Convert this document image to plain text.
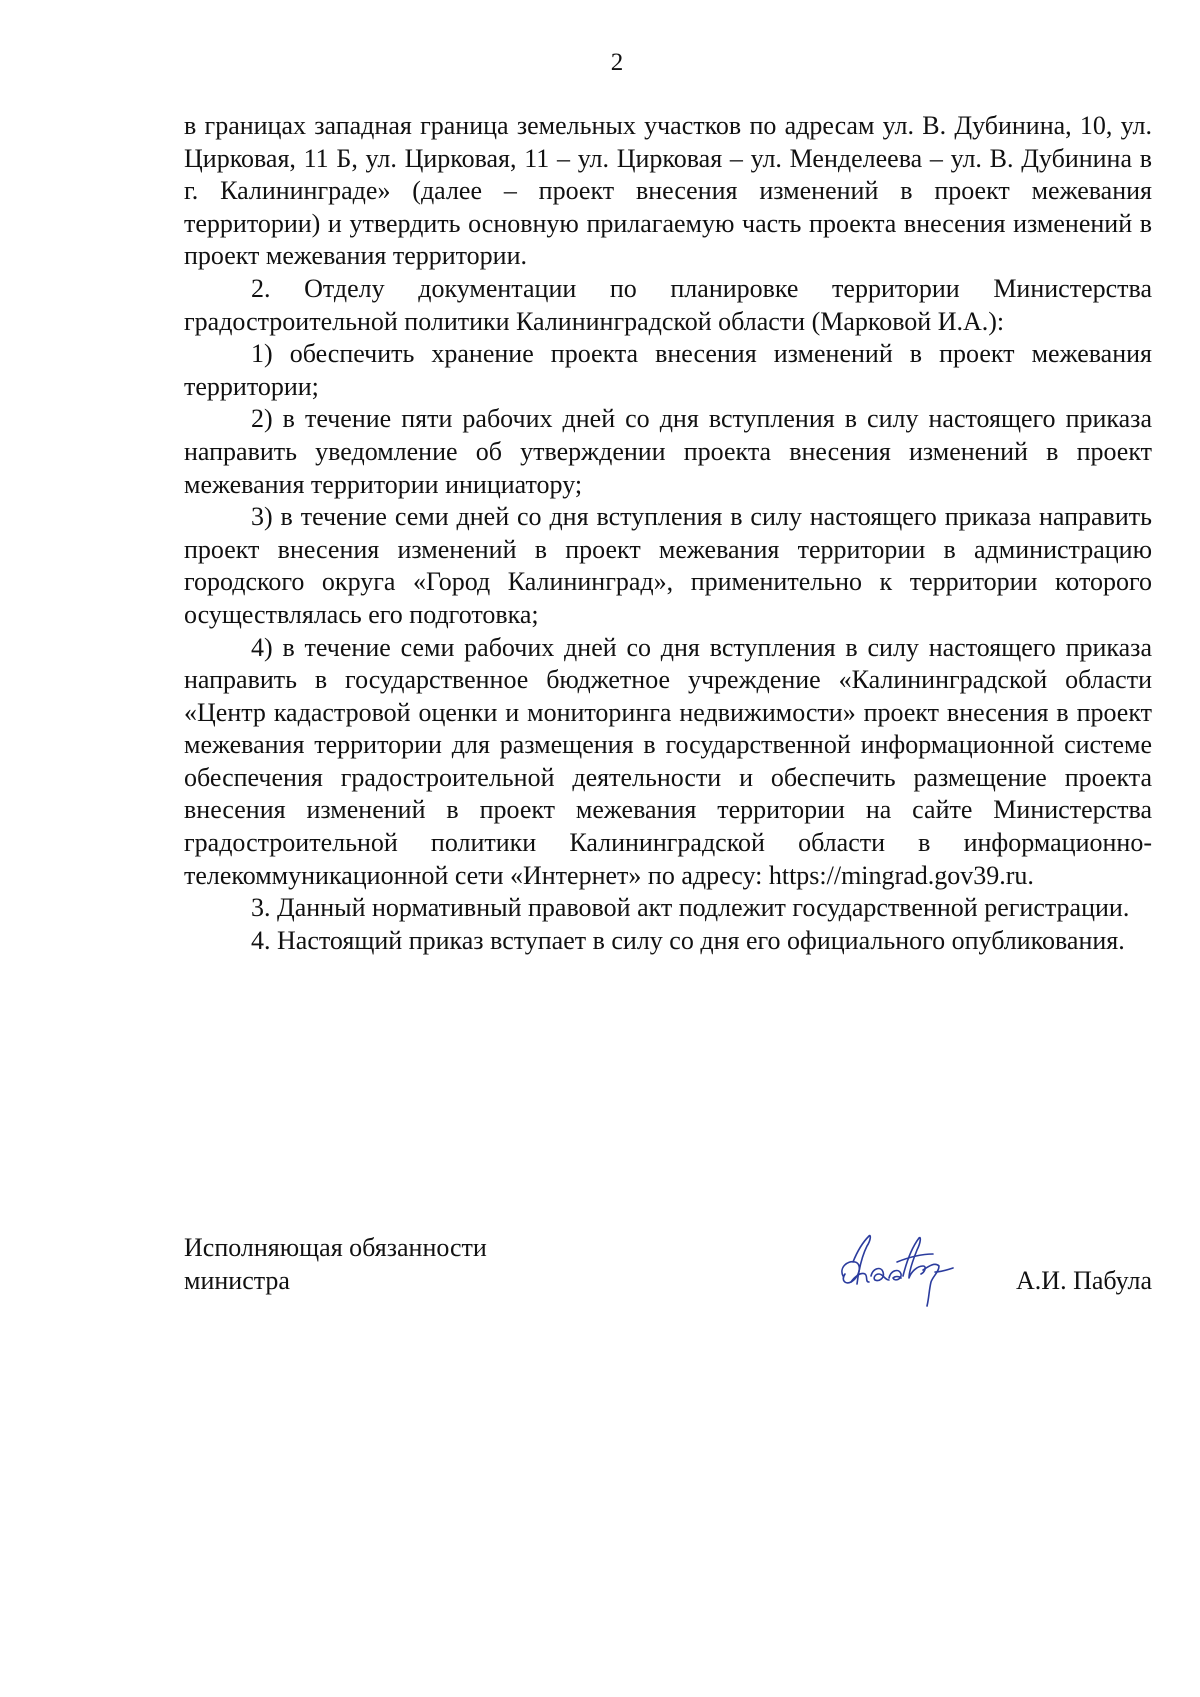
2

в границах западная граница земельных участков по адресам ул. В. Дубинина, 10, ул. Цирковая, 11 Б, ул. Цирковая, 11 – ул. Цирковая – ул. Менделеева – ул. В. Дубинина в г. Калининграде» (далее – проект внесения изменений в проект межевания территории) и утвердить основную прилагаемую часть проекта внесения изменений в проект межевания территории.

2. Отделу документации по планировке территории Министерства градостроительной политики Калининградской области (Марковой И.А.):

1) обеспечить хранение проекта внесения изменений в проект межевания территории;

2) в течение пяти рабочих дней со дня вступления в силу настоящего приказа направить уведомление об утверждении проекта внесения изменений в проект межевания территории инициатору;

3) в течение семи дней со дня вступления в силу настоящего приказа направить проект внесения изменений в проект межевания территории в администрацию городского округа «Город Калининград», применительно к территории которого осуществлялась его подготовка;

4) в течение семи рабочих дней со дня вступления в силу настоящего приказа направить в государственное бюджетное учреждение «Калининградской области «Центр кадастровой оценки и мониторинга недвижимости» проект внесения в проект межевания территории для размещения в государственной информационной системе обеспечения градостроительной деятельности и обеспечить размещение проекта внесения изменений в проект межевания территории на сайте Министерства градостроительной политики Калининградской области в информационно-телекоммуникационной сети «Интернет» по адресу: https://mingrad.gov39.ru.

3. Данный нормативный правовой акт подлежит государственной регистрации.

4. Настоящий приказ вступает в силу со дня его официального опубликования.

Исполняющая обязанности
министра	А.И. Пабула
